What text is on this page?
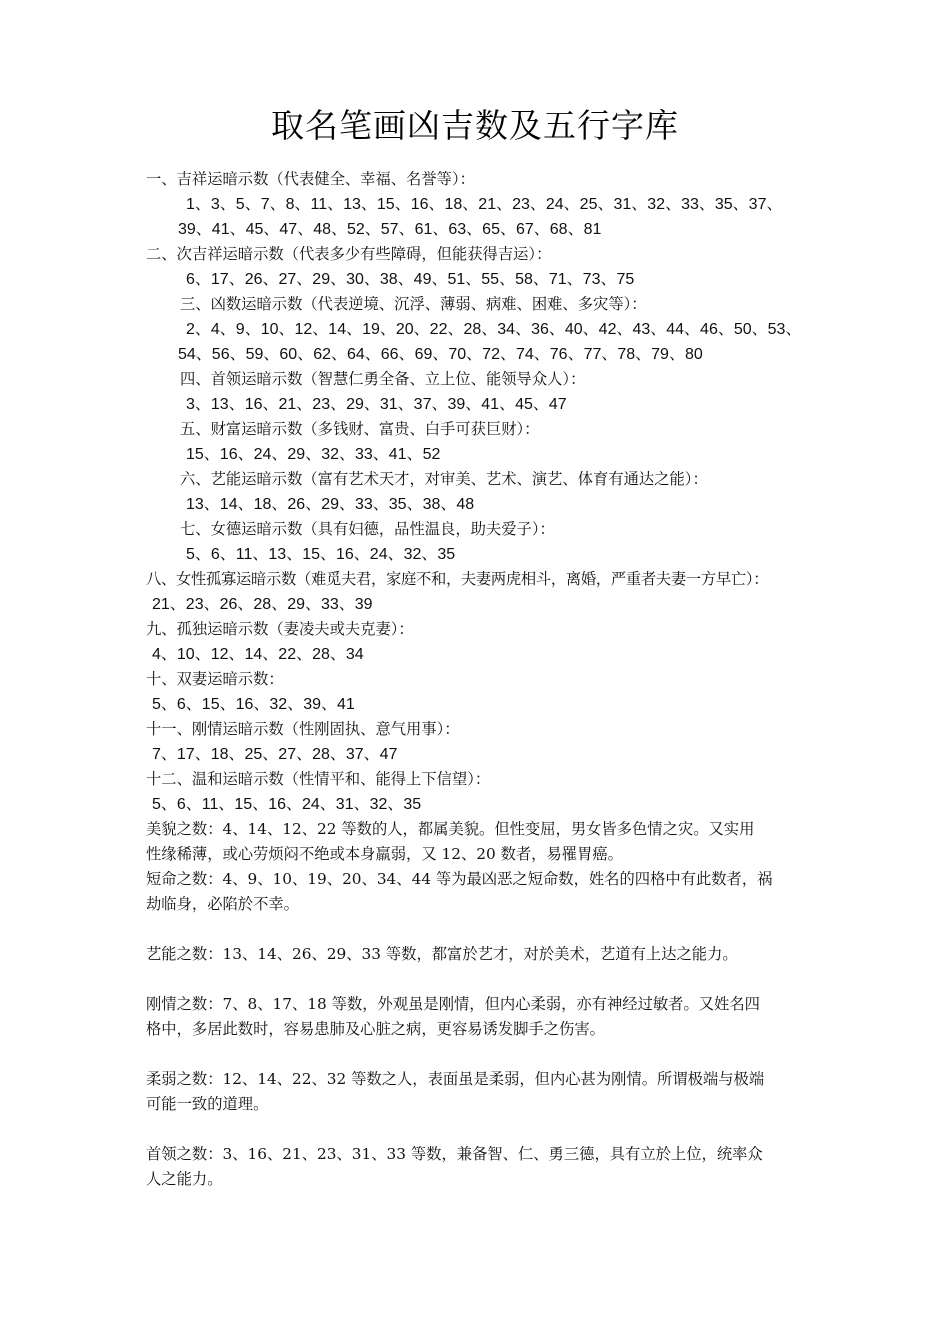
取名笔画凶吉数及五行字库
一、吉祥运暗示数（代表健全、幸福、名誉等）：
1、3、5、7、8、11、13、15、16、18、21、23、24、25、31、32、33、35、37、
39、41、45、47、48、52、57、61、63、65、67、68、81
二、次吉祥运暗示数（代表多少有些障碍，但能获得吉运）：
6、17、26、27、29、30、38、49、51、55、58、71、73、75
三、凶数运暗示数（代表逆境、沉浮、薄弱、病难、困难、多灾等）：
2、4、9、10、12、14、19、20、22、28、34、36、40、42、43、44、46、50、53、
54、56、59、60、62、64、66、69、70、72、74、76、77、78、79、80
四、首领运暗示数（智慧仁勇全备、立上位、能领导众人）：
3、13、16、21、23、29、31、37、39、41、45、47
五、财富运暗示数（多钱财、富贵、白手可获巨财）：
15、16、24、29、32、33、41、52
六、艺能运暗示数（富有艺术天才，对审美、艺术、演艺、体育有通达之能）：
13、14、18、26、29、33、35、38、48
七、女德运暗示数（具有妇德，品性温良，助夫爱子）：
5、6、11、13、15、16、24、32、35
八、女性孤寡运暗示数（难觅夫君，家庭不和，夫妻两虎相斗，离婚，严重者夫妻一方早亡）：
21、23、26、28、29、33、39
九、孤独运暗示数（妻凌夫或夫克妻）：
4、10、12、14、22、28、34
十、双妻运暗示数：
5、6、15、16、32、39、41
十一、刚情运暗示数（性刚固执、意气用事）：
7、17、18、25、27、28、37、47
十二、温和运暗示数（性情平和、能得上下信望）：
5、6、11、15、16、24、31、32、35
美貌之数：4、14、12、22 等数的人，都属美貌。但性变屈，男女皆多色情之灾。又实用
性缘稀薄，或心劳烦闷不绝或本身羸弱，又 12、20 数者，易罹胃癌。
短命之数：4、9、10、19、20、34、44 等为最凶恶之短命数，姓名的四格中有此数者，祸
劫临身，必陷於不幸。
艺能之数：13、14、26、29、33 等数，都富於艺才，对於美术，艺道有上达之能力。
刚情之数：7、8、17、18 等数，外观虽是刚情，但内心柔弱，亦有神经过敏者。又姓名四
格中，多居此数时，容易患肺及心脏之病，更容易诱发脚手之伤害。
柔弱之数：12、14、22、32 等数之人，表面虽是柔弱，但内心甚为刚情。所谓极端与极端
可能一致的道理。
首领之数：3、16、21、23、31、33 等数，兼备智、仁、勇三德，具有立於上位，统率众
人之能力。
